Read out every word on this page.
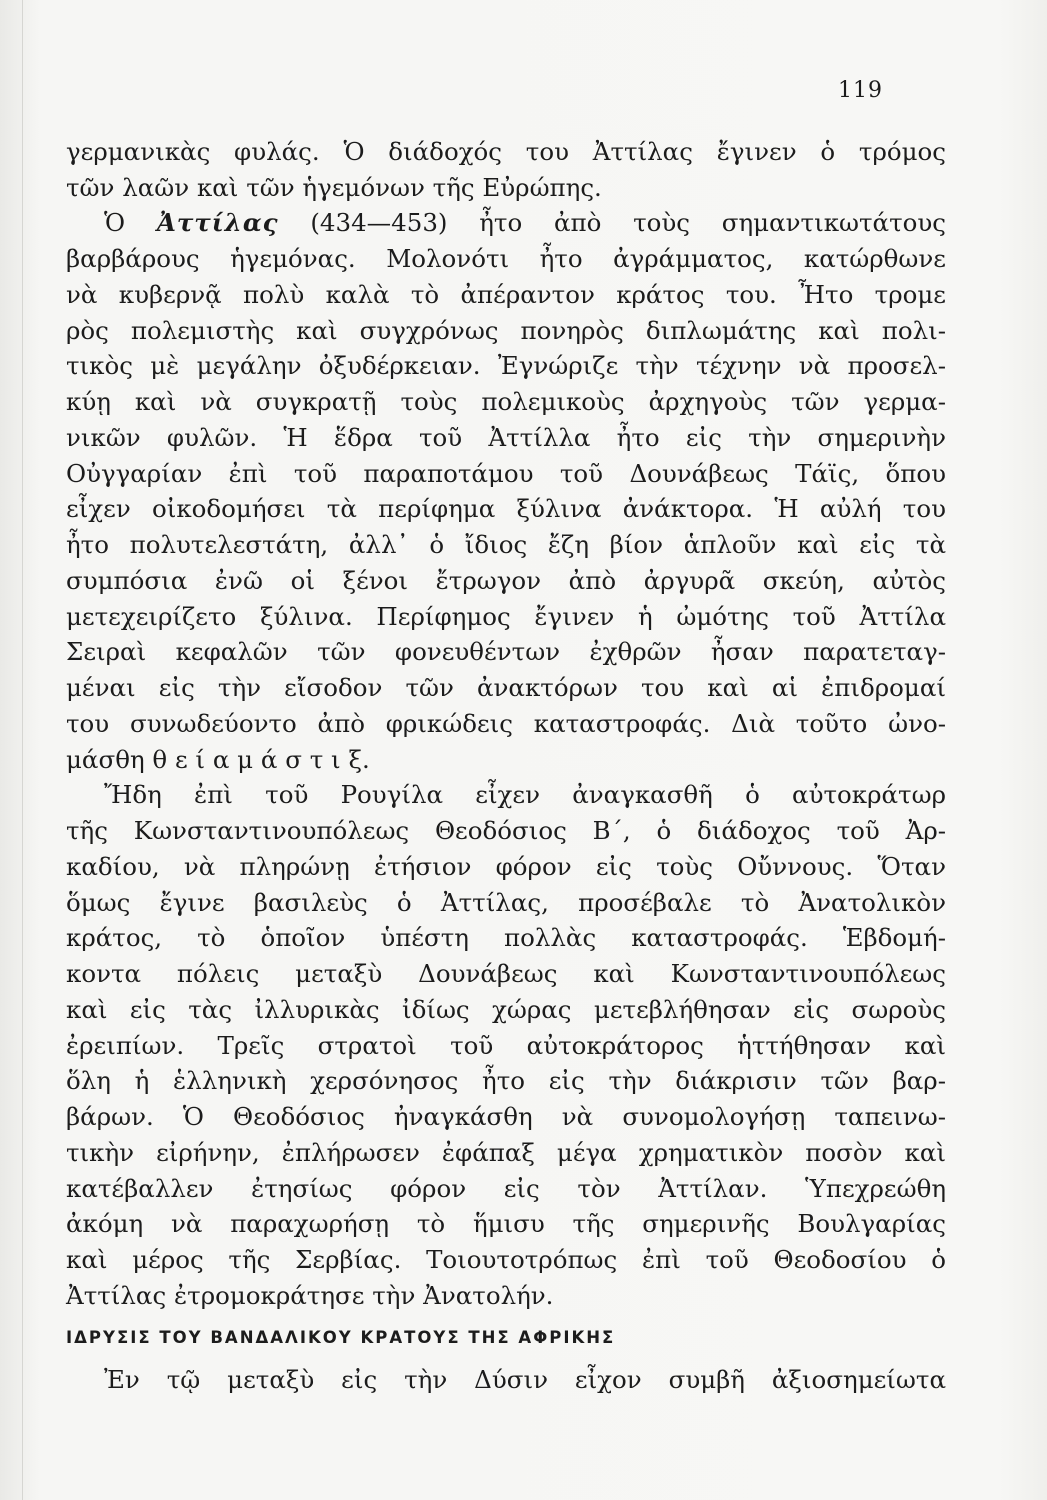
119
γερμανικὰς φυλάς. Ὁ διάδοχός του Ἀττίλας ἔγινεν ὁ τρόμος
τῶν λαῶν καὶ τῶν ἡγεμόνων τῆς Εὐρώπης.
Ὁ Ἀττίλας (434—453) ἦτο ἀπὸ τοὺς σημαντικωτάτους
βαρβάρους ἡγεμόνας. Μολονότι ἦτο ἀγράμματος, κατώρθωνε
νὰ κυβερνᾷ πολὺ καλὰ τὸ ἀπέραντον κράτος του. Ἦτο τρομε
ρὸς πολεμιστὴς καὶ συγχρόνως πονηρὸς διπλωμάτης καὶ πολι-
τικὸς μὲ μεγάλην ὀξυδέρκειαν. Ἐγνώριζε τὴν τέχνην νὰ προσελ-
κύῃ καὶ νὰ συγκρατῇ τοὺς πολεμικοὺς ἀρχηγοὺς τῶν γερμα-
νικῶν φυλῶν. Ἡ ἕδρα τοῦ Ἀττίλλα ἦτο εἰς τὴν σημερινὴν
Οὐγγαρίαν ἐπὶ τοῦ παραποτάμου τοῦ Δουνάβεως Τάϊς, ὅπου
εἶχεν οἰκοδομήσει τὰ περίφημα ξύλινα ἀνάκτορα. Ἡ αὐλή του
ἦτο πολυτελεστάτη, ἀλλ᾽ ὁ ἴδιος ἔζη βίον ἁπλοῦν καὶ εἰς τὰ
συμπόσια ἐνῶ οἱ ξένοι ἔτρωγον ἀπὸ ἀργυρᾶ σκεύη, αὐτὸς
μετεχειρίζετο ξύλινα. Περίφημος ἔγινεν ἡ ὠμότης τοῦ Ἀττίλα
Σειραὶ κεφαλῶν τῶν φονευθέντων ἐχθρῶν ἦσαν παρατεταγ-
μέναι εἰς τὴν εἴσοδον τῶν ἀνακτόρων του καὶ αἱ ἐπιδρομαί
του συνωδεύοντο ἀπὸ φρικώδεις καταστροφάς. Διὰ τοῦτο ὠνο-
μάσθη θ ε ί α μ ά σ τ ι ξ.
Ἤδη ἐπὶ τοῦ Ρουγίλα εἶχεν ἀναγκασθῆ ὁ αὐτοκράτωρ
τῆς Κωνσταντινουπόλεως Θεοδόσιος Β΄, ὁ διάδοχος τοῦ Ἀρ-
καδίου, νὰ πληρώνῃ ἐτήσιον φόρον εἰς τοὺς Οὔννους. Ὅταν
ὅμως ἔγινε βασιλεὺς ὁ Ἀττίλας, προσέβαλε τὸ Ἀνατολικὸν
κράτος, τὸ ὁποῖον ὑπέστη πολλὰς καταστροφάς. Ἑβδομή-
κοντα πόλεις μεταξὺ Δουνάβεως καὶ Κωνσταντινουπόλεως
καὶ εἰς τὰς ἰλλυρικὰς ἰδίως χώρας μετεβλήθησαν εἰς σωροὺς
ἐρειπίων. Τρεῖς στρατοὶ τοῦ αὐτοκράτορος ἡττήθησαν καὶ
ὅλη ἡ ἑλληνικὴ χερσόνησος ἦτο εἰς τὴν διάκρισιν τῶν βαρ-
βάρων. Ὁ Θεοδόσιος ἠναγκάσθη νὰ συνομολογήσῃ ταπεινω-
τικὴν εἰρήνην, ἐπλήρωσεν ἐφάπαξ μέγα χρηματικὸν ποσὸν καὶ
κατέβαλλεν ἐτησίως φόρον εἰς τὸν Ἀττίλαν. Ὑπεχρεώθη
ἀκόμη νὰ παραχωρήσῃ τὸ ἥμισυ τῆς σημερινῆς Βουλγαρίας
καὶ μέρος τῆς Σερβίας. Τοιουτοτρόπως ἐπὶ τοῦ Θεοδοσίου ὁ
Ἀττίλας ἐτρομοκράτησε τὴν Ἀνατολήν.
ΙΔΡΥΣΙΣ ΤΟΥ ΒΑΝΔΑΛΙΚΟΥ ΚΡΑΤΟΥΣ ΤΗΣ ΑΦΡΙΚΗΣ
Ἐν τῷ μεταξὺ εἰς τὴν Δύσιν εἶχον συμβῆ ἀξιοσημείωτα
